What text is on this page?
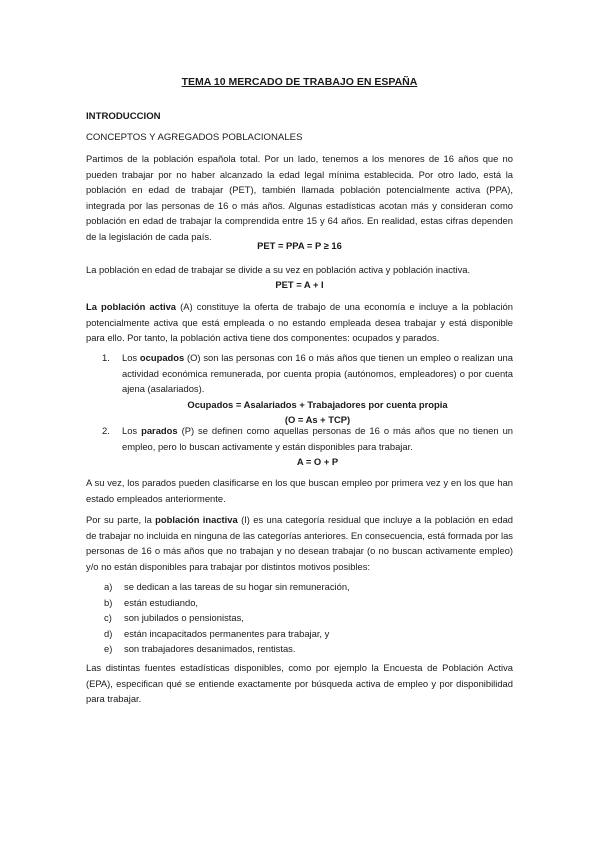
TEMA 10 MERCADO DE TRABAJO EN ESPAÑA
INTRODUCCION
CONCEPTOS Y AGREGADOS POBLACIONALES

Partimos de la población española total. Por un lado, tenemos a los menores de 16 años que no pueden trabajar por no haber alcanzado la edad legal mínima establecida. Por otro lado, está la población en edad de trabajar (PET), también llamada población potencialmente activa (PPA), integrada por las personas de 16 o más años. Algunas estadísticas acotan más y consideran como población en edad de trabajar la comprendida entre 15 y 64 años. En realidad, estas cifras dependen de la legislación de cada país.

PET = PPA = P ≥ 16

La población en edad de trabajar se divide a su vez en población activa y población inactiva.

PET = A + I

La población activa (A) constituye la oferta de trabajo de una economía e incluye a la población potencialmente activa que está empleada o no estando empleada desea trabajar y está disponible para ello. Por tanto, la población activa tiene dos componentes: ocupados y parados.

1.	Los ocupados (O) son las personas con 16 o más años que tienen un empleo o realizan una actividad económica remunerada, por cuenta propia (autónomos, empleadores) o por cuenta ajena (asalariados).
Ocupados = Asalariados + Trabajadores por cuenta propia
(O = As + TCP)
2.	Los parados (P) se definen como aquellas personas de 16 o más años que no tienen un empleo, pero lo buscan activamente y están disponibles para trabajar.
A = O + P

A su vez, los parados pueden clasificarse en los que buscan empleo por primera vez y en los que han estado empleados anteriormente.

Por su parte, la población inactiva (I) es una categoría residual que incluye a la población en edad de trabajar no incluida en ninguna de las categorías anteriores. En consecuencia, está formada por las personas de 16 o más años que no trabajan y no desean trabajar (o no buscan activamente empleo) y/o no están disponibles para trabajar por distintos motivos posibles:

a) se dedican a las tareas de su hogar sin remuneración,
b) están estudiando,
c) son jubilados o pensionistas,
d) están incapacitados permanentes para trabajar, y
e) son trabajadores desanimados, rentistas.

Las distintas fuentes estadísticas disponibles, como por ejemplo la Encuesta de Población Activa (EPA), especifican qué se entiende exactamente por búsqueda activa de empleo y por disponibilidad para trabajar.
